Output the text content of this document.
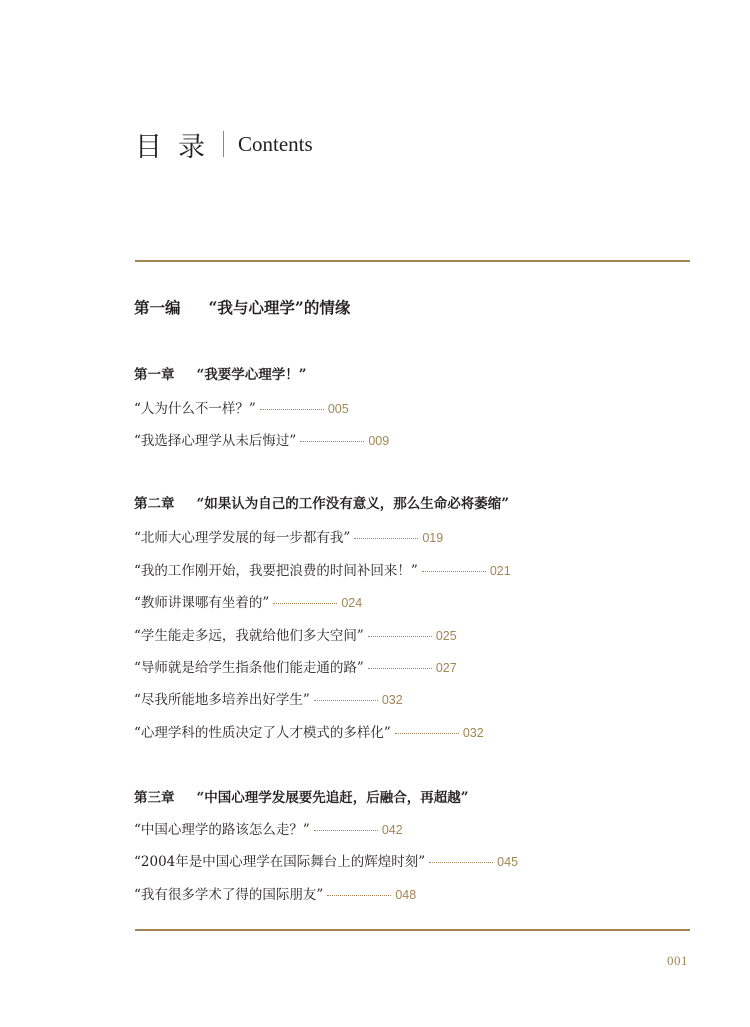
目录 Contents
第一编 “我与心理学”的情缘
第一章 “我要学心理学！”
“人为什么不一样？”	005
“我选择心理学从未后悔过”	009
第二章 “如果认为自己的工作没有意义，那么生命必将萎缩”
“北师大心理学发展的每一步都有我”	019
“我的工作刚开始，我要把浪费的时间补回来！”	021
“教师讲课哪有坐着的”	024
“学生能走多远，我就给他们多大空间”	025
“导师就是给学生指条他们能走通的路”	027
“尽我所能地多培养出好学生”	032
“心理学科的性质决定了人才模式的多样化”	032
第三章 “中国心理学发展要先追赶，后融合，再超越”
“中国心理学的路该怎么走？”	042
“2004年是中国心理学在国际舞台上的辉煌时刻”	045
“我有很多学术了得的国际朋友”	048
001
